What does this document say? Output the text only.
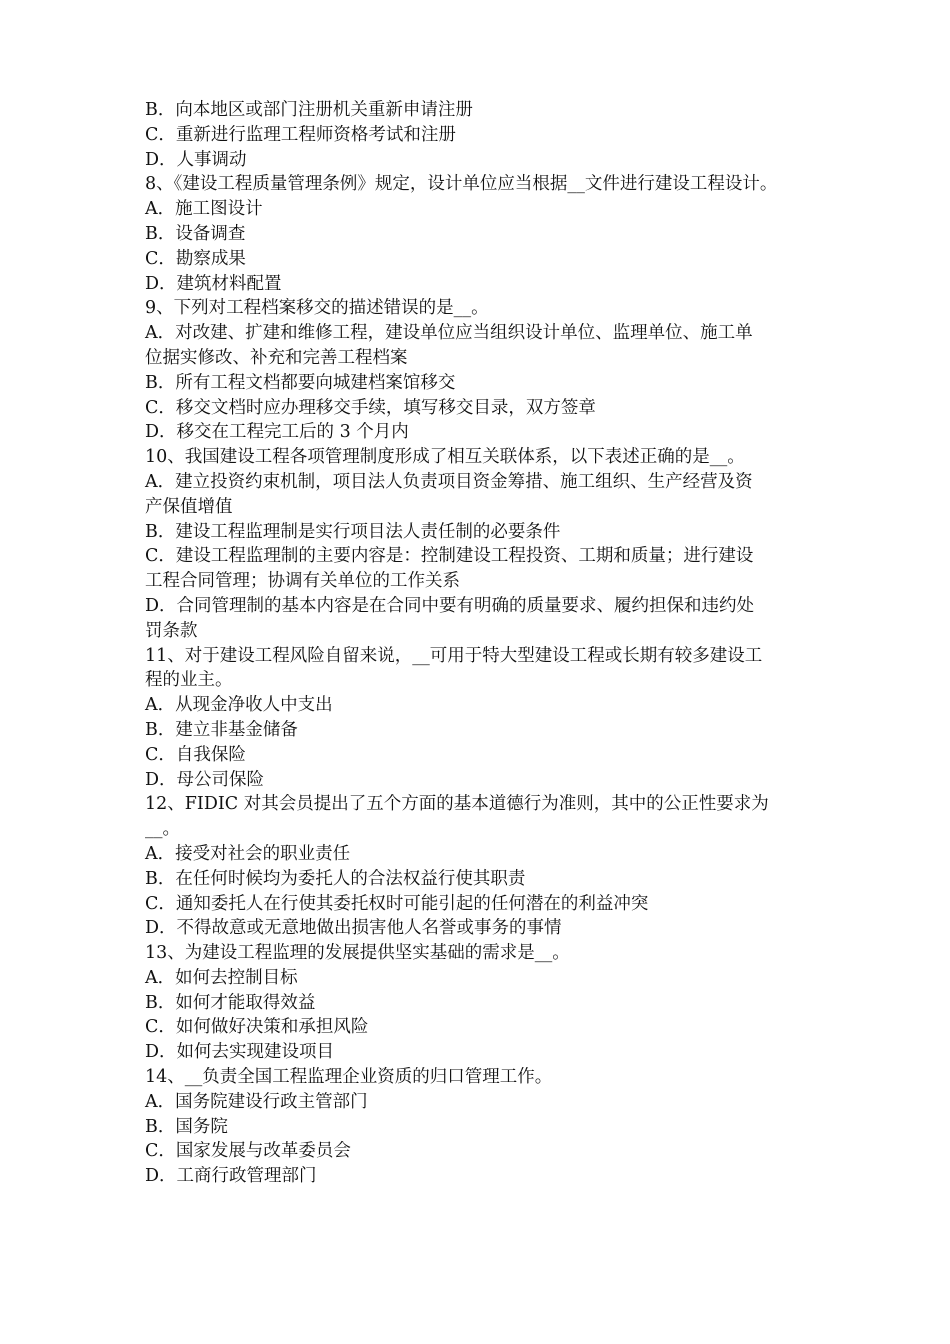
B．向本地区或部门注册机关重新申请注册
C．重新进行监理工程师资格考试和注册
D．人事调动
8、《建设工程质量管理条例》规定，设计单位应当根据__文件进行建设工程设计。
A．施工图设计
B．设备调查
C．勘察成果
D．建筑材料配置
9、下列对工程档案移交的描述错误的是__。
A．对改建、扩建和维修工程，建设单位应当组织设计单位、监理单位、施工单
位据实修改、补充和完善工程档案
B．所有工程文档都要向城建档案馆移交
C．移交文档时应办理移交手续，填写移交目录，双方签章
D．移交在工程完工后的 3 个月内
10、我国建设工程各项管理制度形成了相互关联体系，以下表述正确的是__。
A．建立投资约束机制，项目法人负责项目资金筹措、施工组织、生产经营及资
产保值增值
B．建设工程监理制是实行项目法人责任制的必要条件
C．建设工程监理制的主要内容是：控制建设工程投资、工期和质量；进行建设
工程合同管理；协调有关单位的工作关系
D．合同管理制的基本内容是在合同中要有明确的质量要求、履约担保和违约处
罚条款
11、对于建设工程风险自留来说，__可用于特大型建设工程或长期有较多建设工
程的业主。
A．从现金净收人中支出
B．建立非基金储备
C．自我保险
D．母公司保险
12、FIDIC 对其会员提出了五个方面的基本道德行为准则，其中的公正性要求为
__。
A．接受对社会的职业责任
B．在任何时候均为委托人的合法权益行使其职责
C．通知委托人在行使其委托权时可能引起的任何潜在的利益冲突
D．不得故意或无意地做出损害他人名誉或事务的事情
13、为建设工程监理的发展提供坚实基础的需求是__。
A．如何去控制目标
B．如何才能取得效益
C．如何做好决策和承担风险
D．如何去实现建设项目
14、__负责全国工程监理企业资质的归口管理工作。
A．国务院建设行政主管部门
B．国务院
C．国家发展与改革委员会
D．工商行政管理部门
